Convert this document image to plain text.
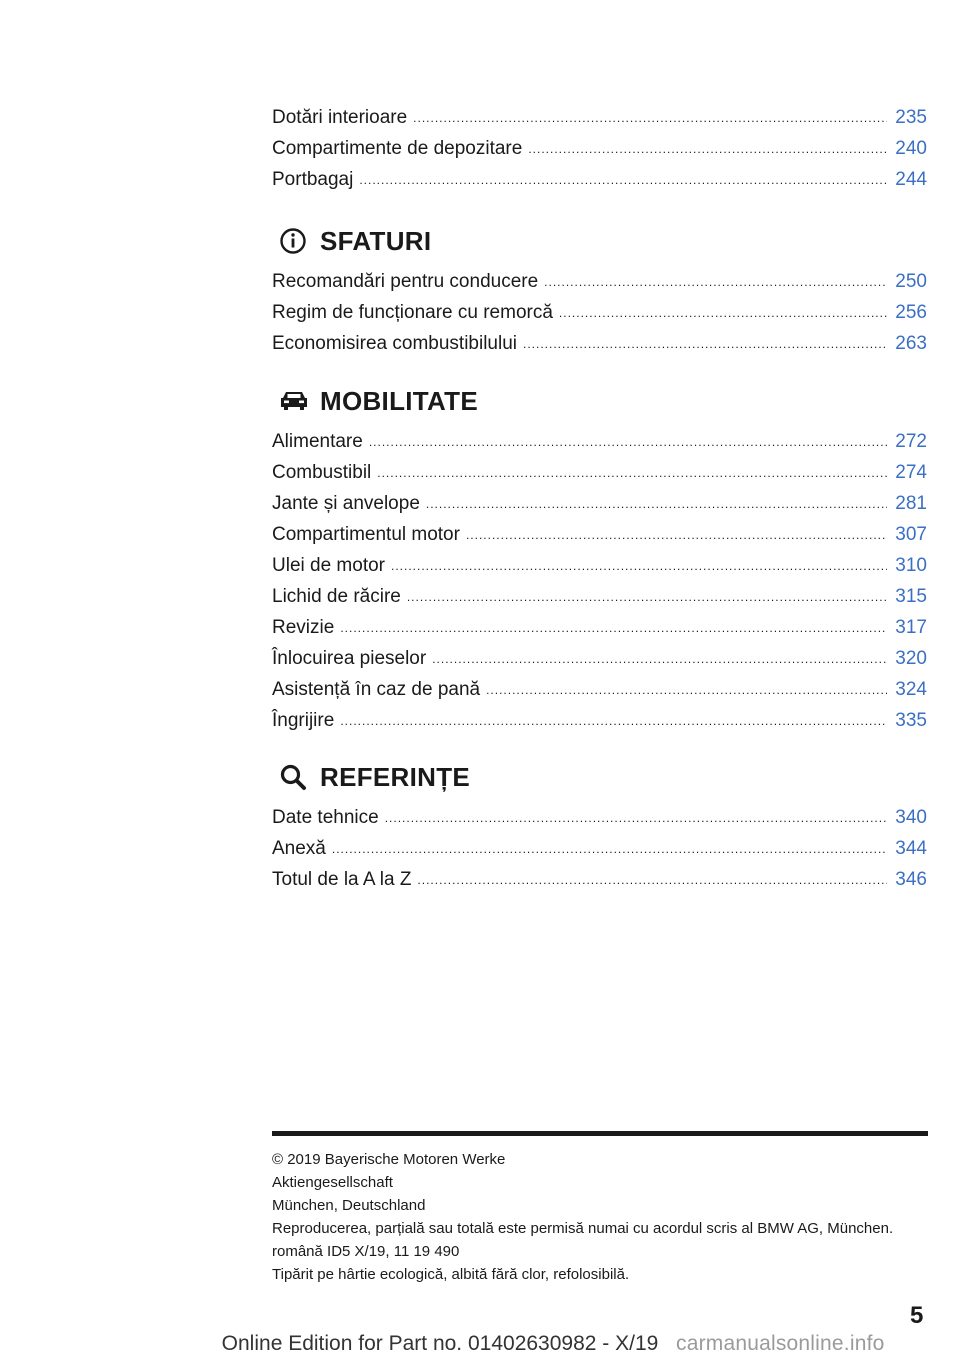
Dotări interioare .....	235
Compartimente de depozitare .....	240
Portbagaj .....	244
SFATURI
Recomandări pentru conducere .....	250
Regim de funcționare cu remorcă .....	256
Economisirea combustibilului .....	263
MOBILITATE
Alimentare .....	272
Combustibil .....	274
Jante și anvelope .....	281
Compartimentul motor .....	307
Ulei de motor .....	310
Lichid de răcire .....	315
Revizie .....	317
Înlocuirea pieselor .....	320
Asistență în caz de pană .....	324
Îngrijire .....	335
REFERINȚE
Date tehnice .....	340
Anexă .....	344
Totul de la A la Z .....	346
© 2019 Bayerische Motoren Werke
Aktiengesellschaft
München, Deutschland
Reproducerea, parțială sau totală este permisă numai cu acordul scris al BMW AG, München.
română ID5 X/19, 11 19 490
Tipărit pe hârtie ecologică, albită fără clor, refolosibilă.
5
Online Edition for Part no. 01402630982 - X/19 carmanualsonline.info
